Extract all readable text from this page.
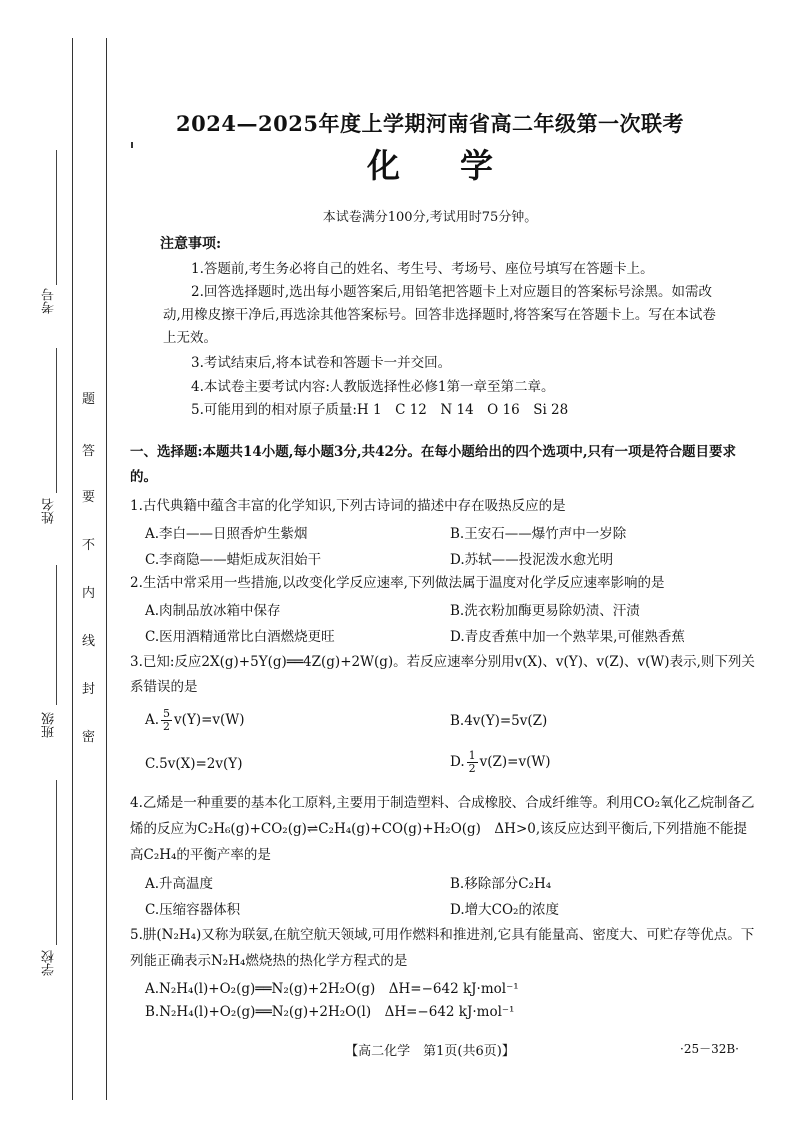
考号
姓名
班级
学校
题
答
要
不
内
线
封
密
2024—2025年度上学期河南省高二年级第一次联考
化学
本试卷满分100分,考试用时75分钟。
注意事项:
1.答题前,考生务必将自己的姓名、考生号、考场号、座位号填写在答题卡上。
2.回答选择题时,选出每小题答案后,用铅笔把答题卡上对应题目的答案标号涂黑。如需改动,用橡皮擦干净后,再选涂其他答案标号。回答非选择题时,将答案写在答题卡上。写在本试卷上无效。
3.考试结束后,将本试卷和答题卡一并交回。
4.本试卷主要考试内容:人教版选择性必修1第一章至第二章。
5.可能用到的相对原子质量:H 1　C 12　N 14　O 16　Si 28
一、选择题:本题共14小题,每小题3分,共42分。在每小题给出的四个选项中,只有一项是符合题目要求的。
1.古代典籍中蕴含丰富的化学知识,下列古诗词的描述中存在吸热反应的是
A.李白——日照香炉生紫烟	B.王安石——爆竹声中一岁除
C.李商隐——蜡炬成灰泪始干	D.苏轼——投泥泼水愈光明
2.生活中常采用一些措施,以改变化学反应速率,下列做法属于温度对化学反应速率影响的是
A.肉制品放冰箱中保存	B.洗衣粉加酶更易除奶渍、汗渍
C.医用酒精通常比白酒燃烧更旺	D.青皮香蕉中加一个熟苹果,可催熟香蕉
3.已知:反应2X(g)+5Y(g)══4Z(g)+2W(g)。若反应速率分别用v(X)、v(Y)、v(Z)、v(W)表示,则下列关系错误的是
A. $\frac{5}{2} v(Y)=v(W)$	B.4v(Y)=5v(Z)
C.5v(X)=2v(Y)	D. $\frac{1}{2} v(Z)=v(W)$
4.乙烯是一种重要的基本化工原料,主要用于制造塑料、合成橡胶、合成纤维等。利用CO₂氧化乙烷制备乙烯的反应为C₂H₆(g)+CO₂(g)⇌C₂H₄(g)+CO(g)+H₂O(g)　ΔH>0,该反应达到平衡后,下列措施不能提高C₂H₄的平衡产率的是
A.升高温度	B.移除部分C₂H₄
C.压缩容器体积	D.增大CO₂的浓度
5.肼(N₂H₄)又称为联氨,在航空航天领域,可用作燃料和推进剂,它具有能量高、密度大、可贮存等优点。下列能正确表示N₂H₄燃烧热的热化学方程式的是
A.N₂H₄(l)+O₂(g)══N₂(g)+2H₂O(g)　ΔH=−642 kJ·mol⁻¹
B.N₂H₄(l)+O₂(g)══N₂(g)+2H₂O(l)　ΔH=−642 kJ·mol⁻¹
【高二化学　第1页(共6页)】	·25－32B·
